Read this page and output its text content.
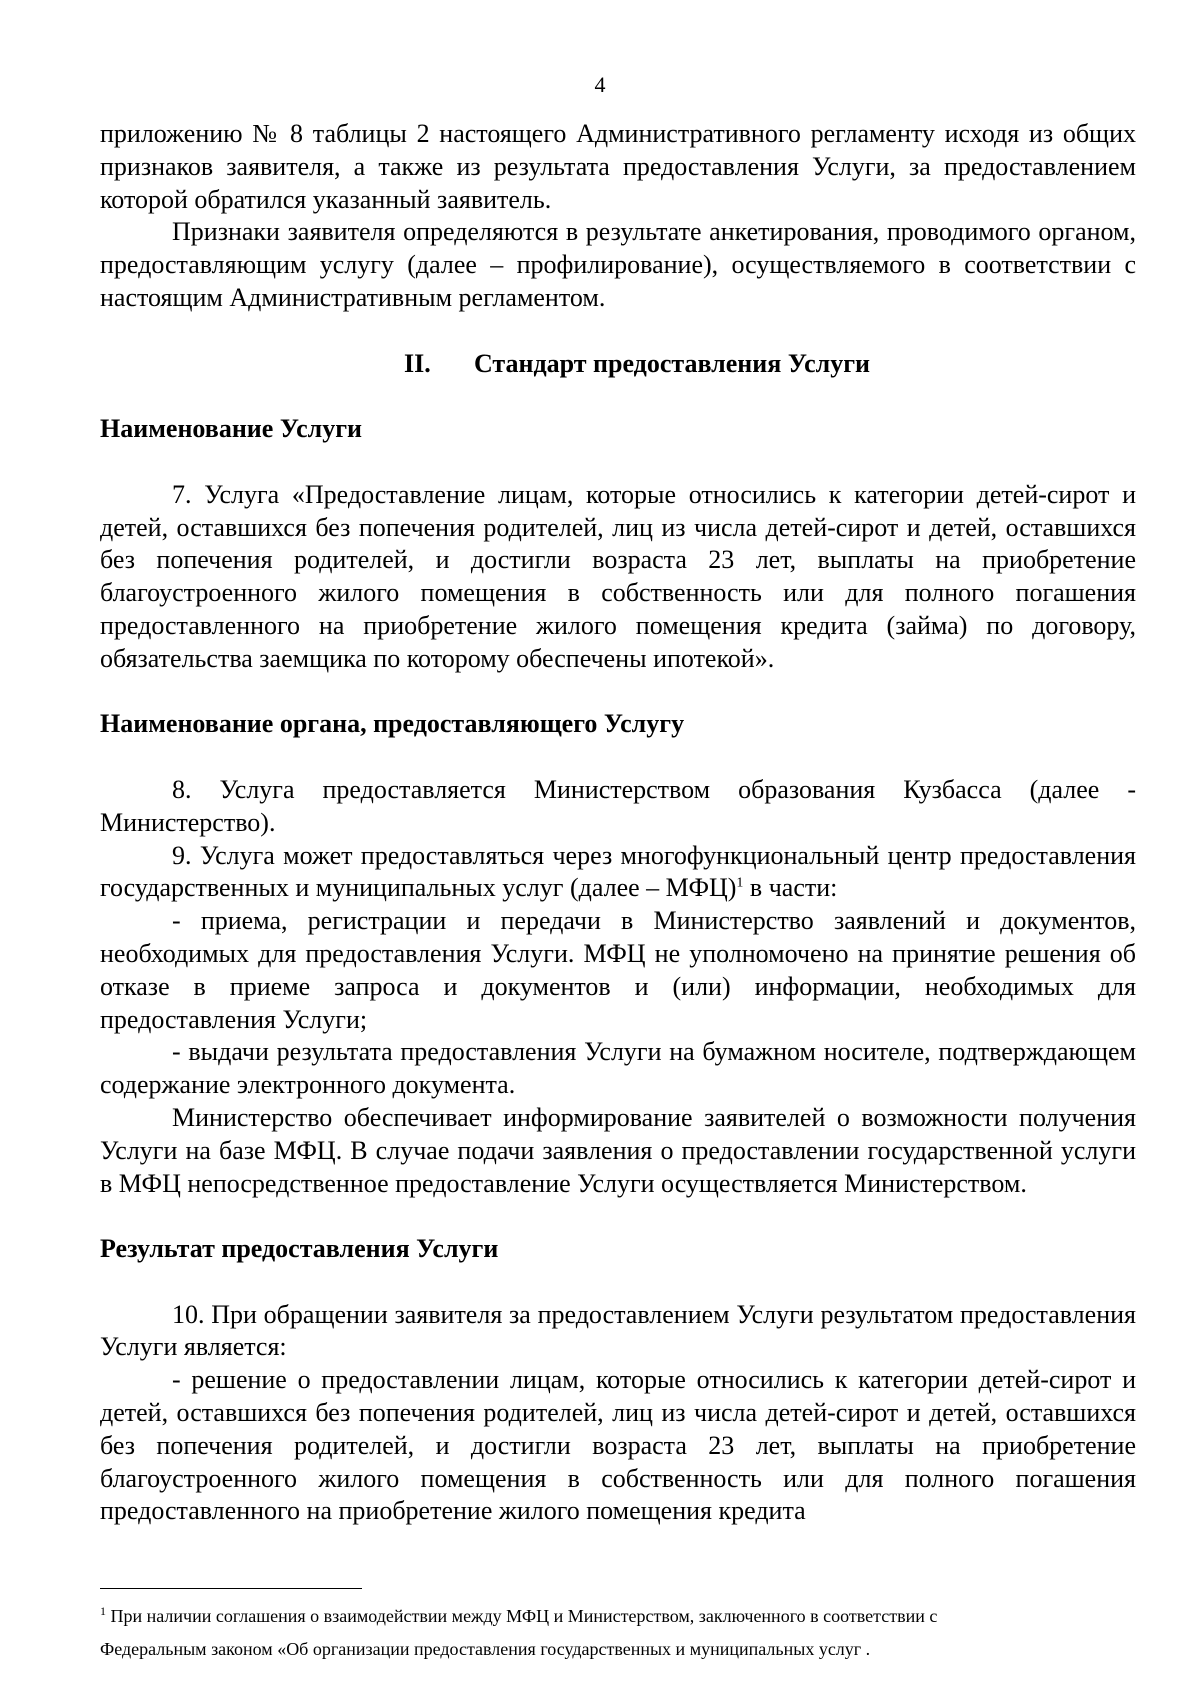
4

приложению № 8 таблицы 2 настоящего Административного регламенту исходя из общих признаков заявителя, а также из результата предоставления Услуги, за предоставлением которой обратился указанный заявитель.

Признаки заявителя определяются в результате анкетирования, проводимого органом, предоставляющим услугу (далее – профилирование), осуществляемого в соответствии с настоящим Административным регламентом.

II. Стандарт предоставления Услуги

Наименование Услуги

7. Услуга «Предоставление лицам, которые относились к категории детей-сирот и детей, оставшихся без попечения родителей, лиц из числа детей-сирот и детей, оставшихся без попечения родителей, и достигли возраста 23 лет, выплаты на приобретение благоустроенного жилого помещения в собственность или для полного погашения предоставленного на приобретение жилого помещения кредита (займа) по договору, обязательства заемщика по которому обеспечены ипотекой».

Наименование органа, предоставляющего Услугу

8. Услуга предоставляется Министерством образования Кузбасса (далее - Министерство).

9. Услуга может предоставляться через многофункциональный центр предоставления государственных и муниципальных услуг (далее – МФЦ)$^1$ в части:

- приема, регистрации и передачи в Министерство заявлений и документов, необходимых для предоставления Услуги. МФЦ не уполномочено на принятие решения об отказе в приеме запроса и документов и (или) информации, необходимых для предоставления Услуги;

- выдачи результата предоставления Услуги на бумажном носителе, подтверждающем содержание электронного документа.

Министерство обеспечивает информирование заявителей о возможности получения Услуги на базе МФЦ. В случае подачи заявления о предоставлении государственной услуги в МФЦ непосредственное предоставление Услуги осуществляется Министерством.

Результат предоставления Услуги

10. При обращении заявителя за предоставлением Услуги результатом предоставления Услуги является:

- решение о предоставлении лицам, которые относились к категории детей-сирот и детей, оставшихся без попечения родителей, лиц из числа детей-сирот и детей, оставшихся без попечения родителей, и достигли возраста 23 лет, выплаты на приобретение благоустроенного жилого помещения в собственность или для полного погашения предоставленного на приобретение жилого помещения кредита

$^1$ При наличии соглашения о взаимодействии между МФЦ и Министерством, заключенного в соответствии с

Федеральным законом «Об организации предоставления государственных и муниципальных услуг .
